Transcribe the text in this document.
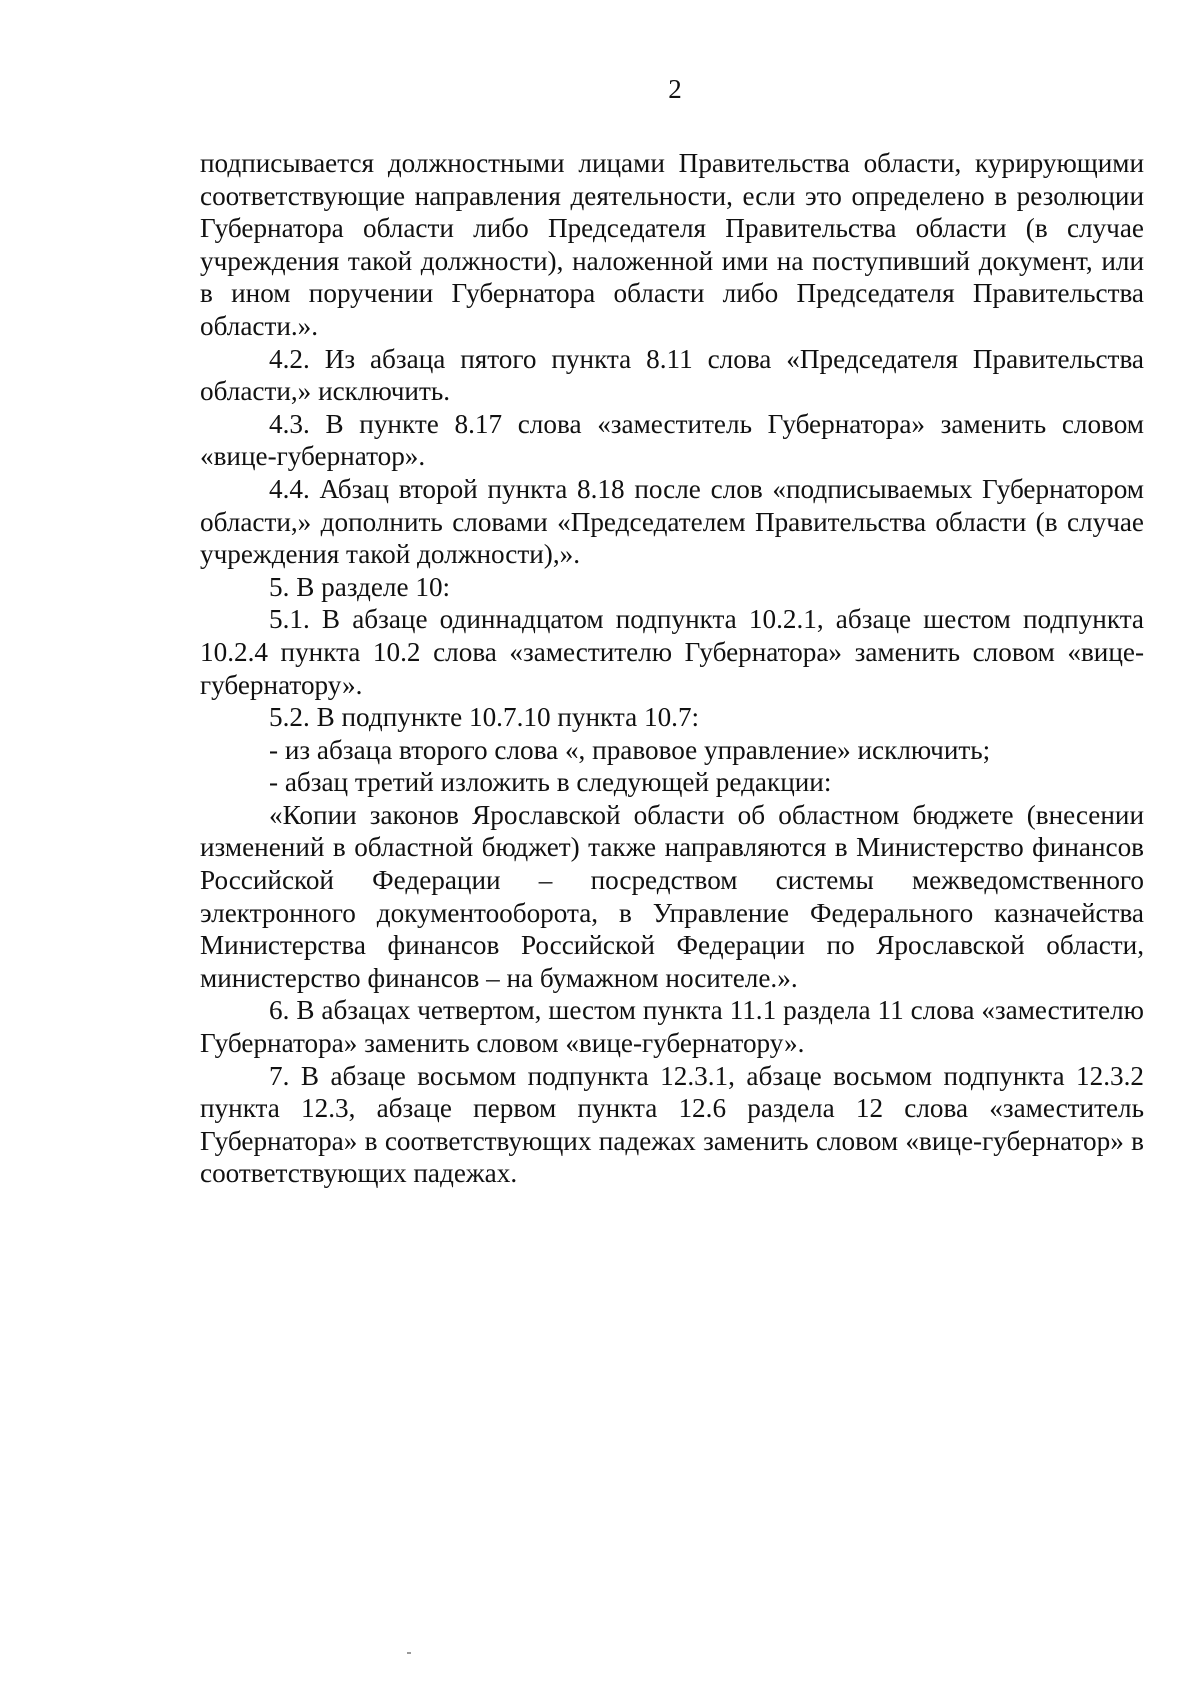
2

подписывается должностными лицами Правительства области, курирующими соответствующие направления деятельности, если это определено в резолюции Губернатора области либо Председателя Правительства области (в случае учреждения такой должности), наложенной ими на поступивший документ, или в ином поручении Губернатора области либо Председателя Правительства области.».

4.2. Из абзаца пятого пункта 8.11 слова «Председателя Правительства области,» исключить.

4.3. В пункте 8.17 слова «заместитель Губернатора» заменить словом «вице-губернатор».

4.4. Абзац второй пункта 8.18 после слов «подписываемых Губернатором области,» дополнить словами «Председателем Правительства области (в случае учреждения такой должности),».

5. В разделе 10:

5.1. В абзаце одиннадцатом подпункта 10.2.1, абзаце шестом подпункта 10.2.4 пункта 10.2 слова «заместителю Губернатора» заменить словом «вице-губернатору».

5.2. В подпункте 10.7.10 пункта 10.7:

- из абзаца второго слова «, правовое управление» исключить;

- абзац третий изложить в следующей редакции:

«Копии законов Ярославской области об областном бюджете (внесении изменений в областной бюджет) также направляются в Министерство финансов Российской Федерации – посредством системы межведомственного электронного документооборота, в Управление Федерального казначейства Министерства финансов Российской Федерации по Ярославской области, министерство финансов – на бумажном носителе.».

6. В абзацах четвертом, шестом пункта 11.1 раздела 11 слова «заместителю Губернатора» заменить словом «вице-губернатору».

7. В абзаце восьмом подпункта 12.3.1, абзаце восьмом подпункта 12.3.2 пункта 12.3, абзаце первом пункта 12.6 раздела 12 слова «заместитель Губернатора» в соответствующих падежах заменить словом «вице-губернатор» в соответствующих падежах.
